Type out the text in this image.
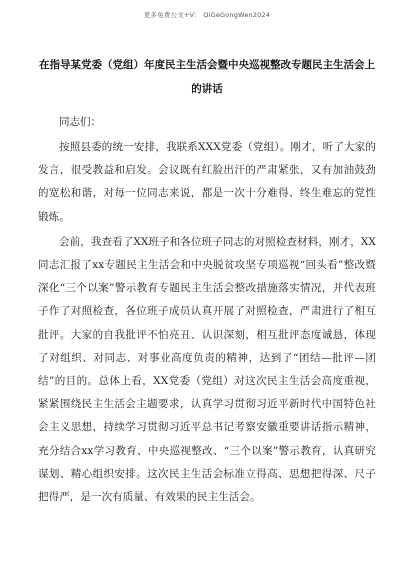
更多免费公文+V： QiGeGongWen2024
在指导某党委（党组）年度民主生活会暨中央巡视整改专题民主生活会上的讲话

同志们：

按照县委的统一安排，我联系XXX党委（党组）。刚才，听了大家的发言，很受教益和启发。会议既有红脸出汗的严肃紧张，又有加油鼓劲的宽松和谐，对每一位同志来说，都是一次十分难得、终生难忘的党性锻炼。

会前，我查看了XX班子和各位班子同志的对照检查材料，刚才，XX同志汇报了xx专题民主生活会和中央脱贫攻坚专项巡视“回头看”整改暨深化“三个以案”警示教育专题民主生活会整改措施落实情况，并代表班子作了对照检查，各位班子成员认真开展了对照检查，严肃进行了相互批评。大家的自我批评不怕亮丑、认识深刻，相互批评态度诚恳，体现了对组织、对同志、对事业高度负责的精神，达到了“团结—批评—团结”的目的。总体上看，XX党委（党组）对这次民主生活会高度重视，紧紧围绕民主生活会主题要求，认真学习贯彻习近平新时代中国特色社会主义思想，持续学习贯彻习近平总书记考察安徽重要讲话指示精神，充分结合xx学习教育、中央巡视整改、“三个以案”警示教育，认真研究谋划、精心组织安排。这次民主生活会标准立得高、思想把得深、尺子把得严，是一次有质量、有效果的民主生活会。
